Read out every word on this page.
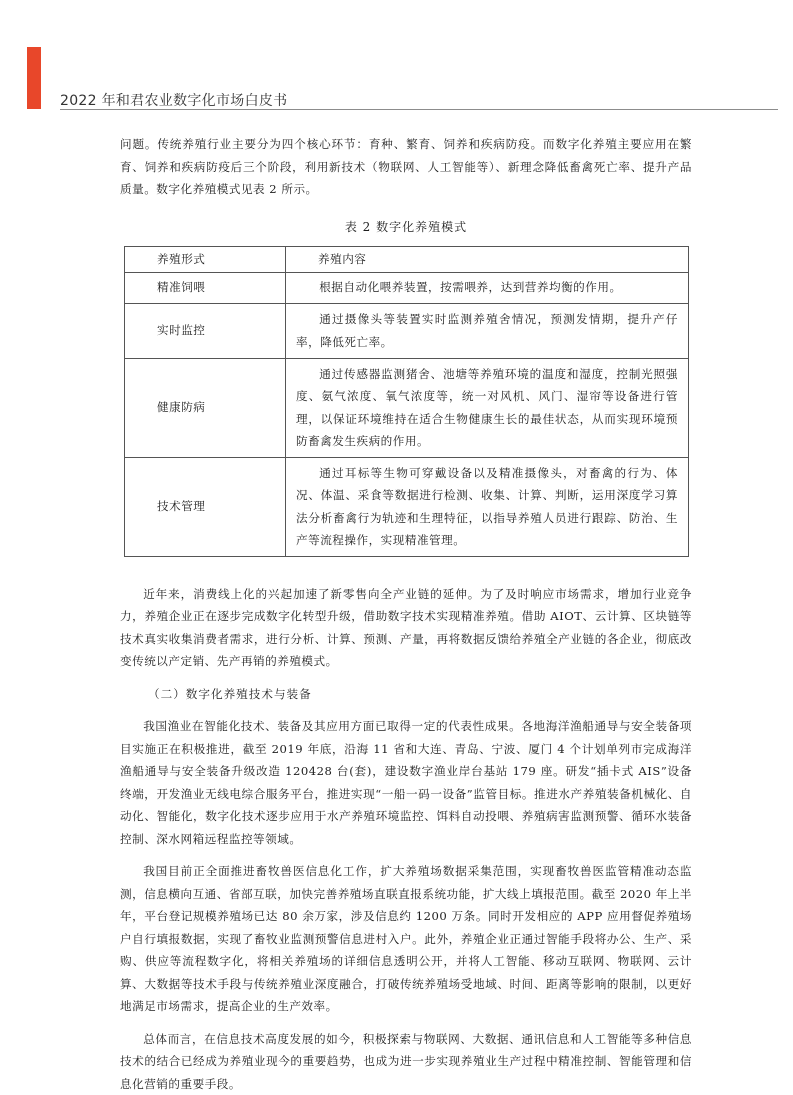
2022 年和君农业数字化市场白皮书

问题。传统养殖行业主要分为四个核心环节：育种、繁育、饲养和疾病防疫。而数字化养殖主要应用在繁育、饲养和疾病防疫后三个阶段，利用新技术（物联网、人工智能等）、新理念降低畜禽死亡率、提升产品质量。数字化养殖模式见表 2 所示。

表 2 数字化养殖模式
养殖形式	养殖内容
精准饲喂	根据自动化喂养装置，按需喂养，达到营养均衡的作用。
实时监控	通过摄像头等装置实时监测养殖舍情况，预测发情期，提升产仔率，降低死亡率。
健康防病	通过传感器监测猪舍、池塘等养殖环境的温度和湿度，控制光照强度、氨气浓度、氧气浓度等，统一对风机、风门、湿帘等设备进行管理，以保证环境维持在适合生物健康生长的最佳状态，从而实现环境预防畜禽发生疾病的作用。
技术管理	通过耳标等生物可穿戴设备以及精准摄像头，对畜禽的行为、体况、体温、采食等数据进行检测、收集、计算、判断，运用深度学习算法分析畜禽行为轨迹和生理特征，以指导养殖人员进行跟踪、防治、生产等流程操作，实现精准管理。

近年来，消费线上化的兴起加速了新零售向全产业链的延伸。为了及时响应市场需求，增加行业竞争力，养殖企业正在逐步完成数字化转型升级，借助数字技术实现精准养殖。借助 AIOT、云计算、区块链等技术真实收集消费者需求，进行分析、计算、预测、产量，再将数据反馈给养殖全产业链的各企业，彻底改变传统以产定销、先产再销的养殖模式。

（二）数字化养殖技术与装备

我国渔业在智能化技术、装备及其应用方面已取得一定的代表性成果。各地海洋渔船通导与安全装备项目实施正在积极推进，截至 2019 年底，沿海 11 省和大连、青岛、宁波、厦门 4 个计划单列市完成海洋渔船通导与安全装备升级改造 120428 台(套)，建设数字渔业岸台基站 179 座。研发“插卡式 AIS”设备终端，开发渔业无线电综合服务平台，推进实现“一船一码一设备”监管目标。推进水产养殖装备机械化、自动化、智能化，数字化技术逐步应用于水产养殖环境监控、饵料自动投喂、养殖病害监测预警、循环水装备控制、深水网箱远程监控等领域。

我国目前正全面推进畜牧兽医信息化工作，扩大养殖场数据采集范围，实现畜牧兽医监管精准动态监测，信息横向互通、省部互联，加快完善养殖场直联直报系统功能，扩大线上填报范围。截至 2020 年上半年，平台登记规模养殖场已达 80 余万家，涉及信息约 1200 万条。同时开发相应的 APP 应用督促养殖场户自行填报数据，实现了畜牧业监测预警信息进村入户。此外，养殖企业正通过智能手段将办公、生产、采购、供应等流程数字化，将相关养殖场的详细信息透明公开，并将人工智能、移动互联网、物联网、云计算、大数据等技术手段与传统养殖业深度融合，打破传统养殖场受地域、时间、距离等影响的限制，以更好地满足市场需求，提高企业的生产效率。

总体而言，在信息技术高度发展的如今，积极探索与物联网、大数据、通讯信息和人工智能等多种信息技术的结合已经成为养殖业现今的重要趋势，也成为进一步实现养殖业生产过程中精准控制、智能管理和信息化营销的重要手段。
